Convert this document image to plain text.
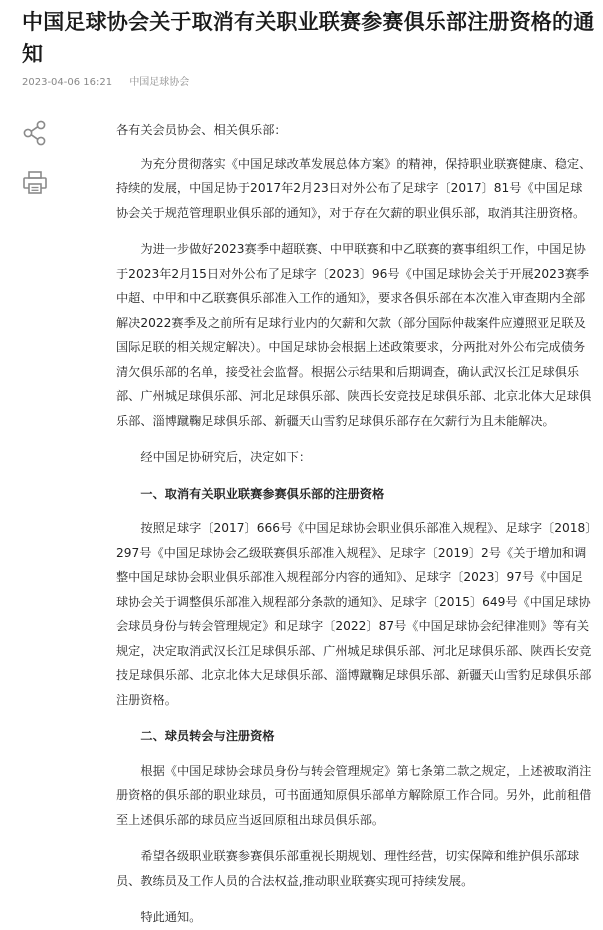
中国足球协会关于取消有关职业联赛参赛俱乐部注册资格的通知
2023-04-06 16:21 中国足球协会

各有关会员协会、相关俱乐部：

为充分贯彻落实《中国足球改革发展总体方案》的精神，保持职业联赛健康、稳定、持续的发展，中国足协于2017年2月23日对外公布了足球字〔2017〕81号《中国足球协会关于规范管理职业俱乐部的通知》，对于存在欠薪的职业俱乐部，取消其注册资格。

为进一步做好2023赛季中超联赛、中甲联赛和中乙联赛的赛事组织工作，中国足协于2023年2月15日对外公布了足球字〔2023〕96号《中国足球协会关于开展2023赛季中超、中甲和中乙联赛俱乐部准入工作的通知》，要求各俱乐部在本次准入审查期内全部解决2022赛季及之前所有足球行业内的欠薪和欠款（部分国际仲裁案件应遵照亚足联及国际足联的相关规定解决）。中国足球协会根据上述政策要求，分两批对外公布完成债务清欠俱乐部的名单，接受社会监督。根据公示结果和后期调查，确认武汉长江足球俱乐部、广州城足球俱乐部、河北足球俱乐部、陕西长安竞技足球俱乐部、北京北体大足球俱乐部、淄博蹴鞠足球俱乐部、新疆天山雪豹足球俱乐部存在欠薪行为且未能解决。

经中国足协研究后，决定如下：

一、取消有关职业联赛参赛俱乐部的注册资格

按照足球字〔2017〕666号《中国足球协会职业俱乐部准入规程》、足球字〔2018〕297号《中国足球协会乙级联赛俱乐部准入规程》、足球字〔2019〕2号《关于增加和调整中国足球协会职业俱乐部准入规程部分内容的通知》、足球字〔2023〕97号《中国足球协会关于调整俱乐部准入规程部分条款的通知》、足球字〔2015〕649号《中国足球协会球员身份与转会管理规定》和足球字〔2022〕87号《中国足球协会纪律准则》等有关规定，决定取消武汉长江足球俱乐部、广州城足球俱乐部、河北足球俱乐部、陕西长安竞技足球俱乐部、北京北体大足球俱乐部、淄博蹴鞠足球俱乐部、新疆天山雪豹足球俱乐部注册资格。

二、球员转会与注册资格

根据《中国足球协会球员身份与转会管理规定》第七条第二款之规定，上述被取消注册资格的俱乐部的职业球员，可书面通知原俱乐部单方解除原工作合同。另外，此前租借至上述俱乐部的球员应当返回原租出球员俱乐部。

希望各级职业联赛参赛俱乐部重视长期规划、理性经营，切实保障和维护俱乐部球员、教练员及工作人员的合法权益,推动职业联赛实现可持续发展。

特此通知。
